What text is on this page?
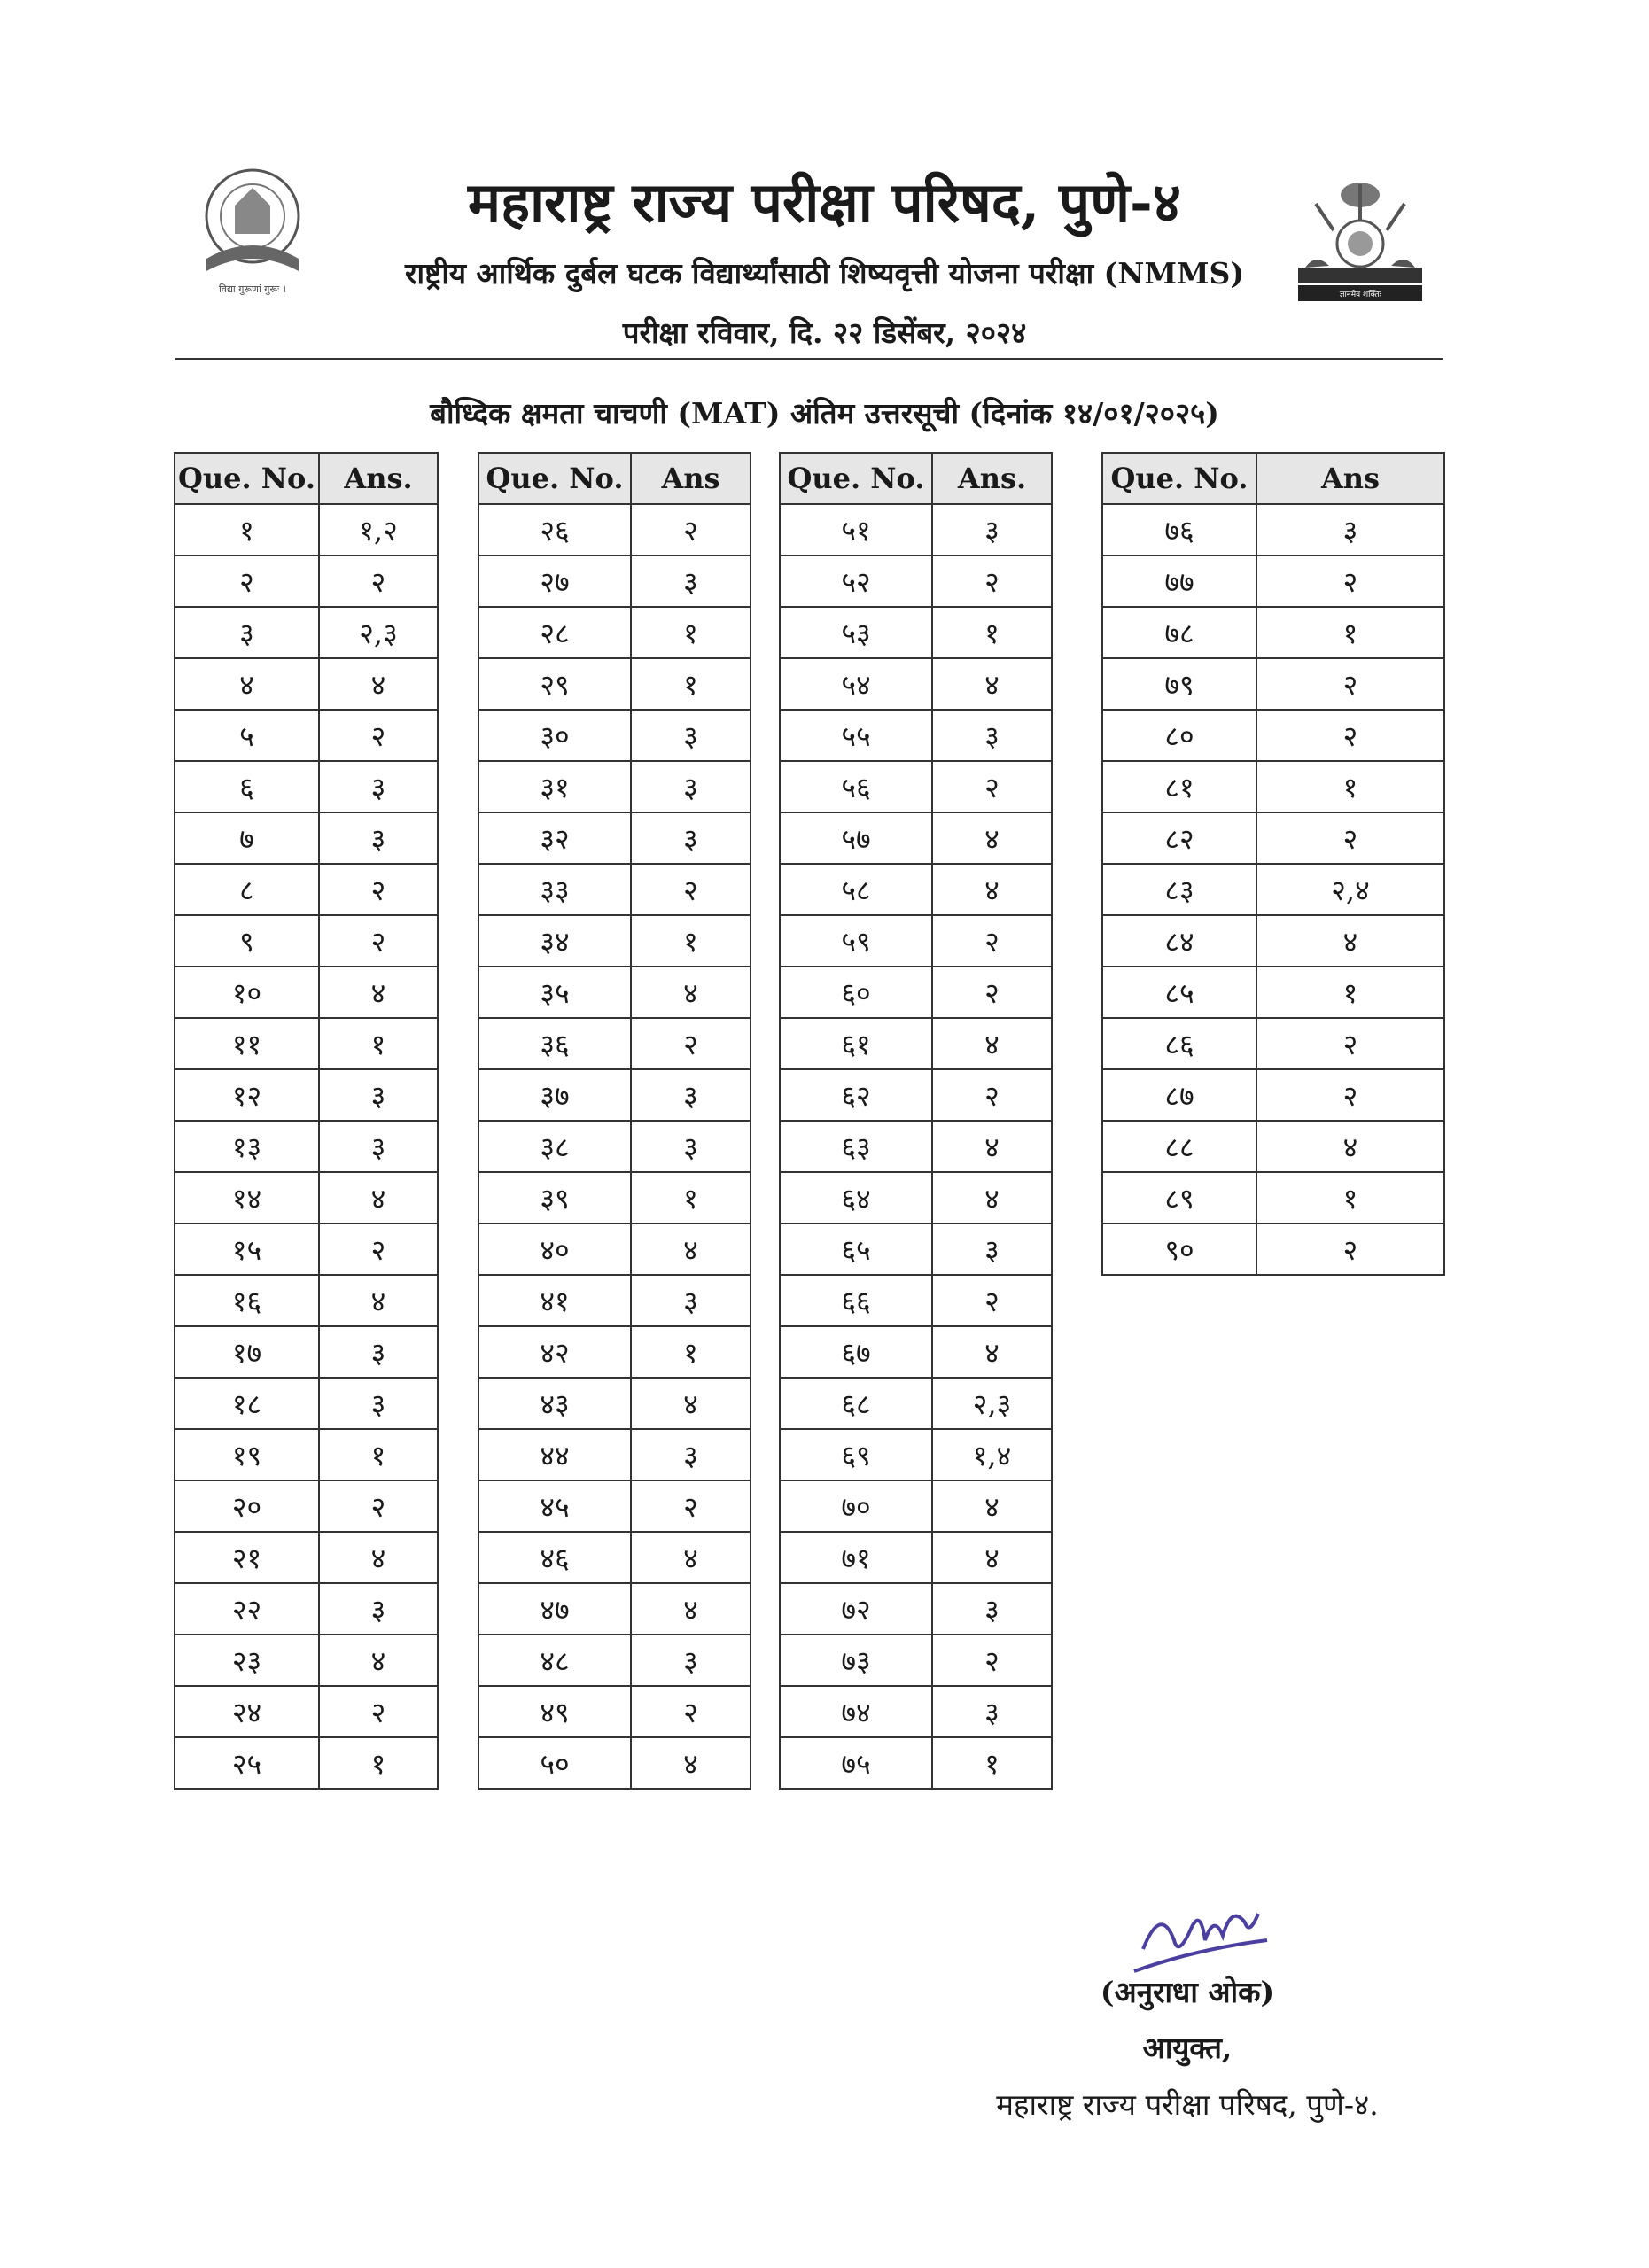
विद्या गुरूणां गुरूः ।	ज्ञानमेव शक्तिः
महाराष्ट्र राज्य परीक्षा परिषद, पुणे-४
राष्ट्रीय आर्थिक दुर्बल घटक विद्यार्थ्यांसाठी शिष्यवृत्ती योजना परीक्षा (NMMS)
परीक्षा रविवार, दि. २२ डिसेंबर, २०२४
बौध्दिक क्षमता चाचणी (MAT) अंतिम उत्तरसूची (दिनांक १४/०१/२०२५)
Que. No.	Ans.
१	१,२
२	२
३	२,३
४	४
५	२
६	३
७	३
८	२
९	२
१०	४
११	१
१२	३
१३	३
१४	४
१५	२
१६	४
१७	३
१८	३
१९	१
२०	२
२१	४
२२	३
२३	४
२४	२
२५	१
Que. No.	Ans
२६	२
२७	३
२८	१
२९	१
३०	३
३१	३
३२	३
३३	२
३४	१
३५	४
३६	२
३७	३
३८	३
३९	१
४०	४
४१	३
४२	१
४३	४
४४	३
४५	२
४६	४
४७	४
४८	३
४९	२
५०	४
Que. No.	Ans.
५१	३
५२	२
५३	१
५४	४
५५	३
५६	२
५७	४
५८	४
५९	२
६०	२
६१	४
६२	२
६३	४
६४	४
६५	३
६६	२
६७	४
६८	२,३
६९	१,४
७०	४
७१	४
७२	३
७३	२
७४	३
७५	१
Que. No.	Ans
७६	३
७७	२
७८	१
७९	२
८०	२
८१	१
८२	२
८३	२,४
८४	४
८५	१
८६	२
८७	२
८८	४
८९	१
९०	२
(अनुराधा ओक)
आयुक्त,
महाराष्ट्र राज्य परीक्षा परिषद, पुणे-४.
